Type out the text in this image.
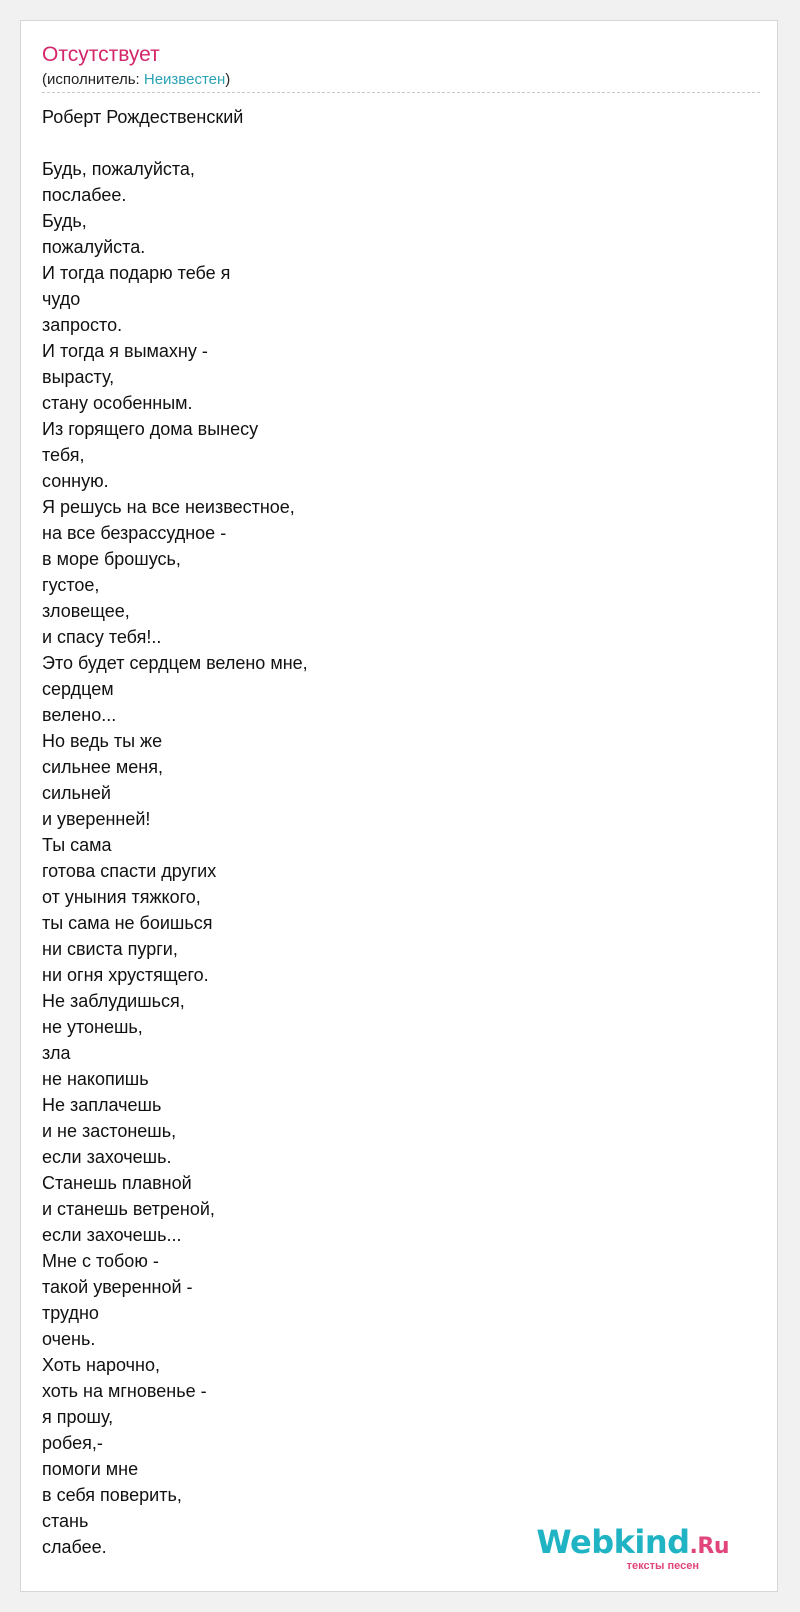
Отсутствует
(исполнитель: Неизвестен)
Роберт Рождественский
Будь, пожалуйста,
послабее.
Будь,
пожалуйста.
И тогда подарю тебе я
чудо
запросто.
И тогда я вымахну -
вырасту,
стану особенным.
Из горящего дома вынесу
тебя,
сонную.
Я решусь на все неизвестное,
на все безрассудное -
в море брошусь,
густое,
зловещее,
и спасу тебя!..
Это будет сердцем велено мне,
сердцем
велено...
Но ведь ты же
сильнее меня,
сильней
и уверенней!
Ты сама
готова спасти других
от уныния тяжкого,
ты сама не боишься
ни свиста пурги,
ни огня хрустящего.
Не заблудишься,
не утонешь,
зла
не накопишь
Не заплачешь
и не застонешь,
если захочешь.
Станешь плавной
и станешь ветреной,
если захочешь...
Мне с тобою -
такой уверенной -
трудно
очень.
Хоть нарочно,
хоть на мгновенье -
я прошу,
робея,-
помоги мне
в себя поверить,
стань
слабее.	Webkind.Ru
тексты песен
